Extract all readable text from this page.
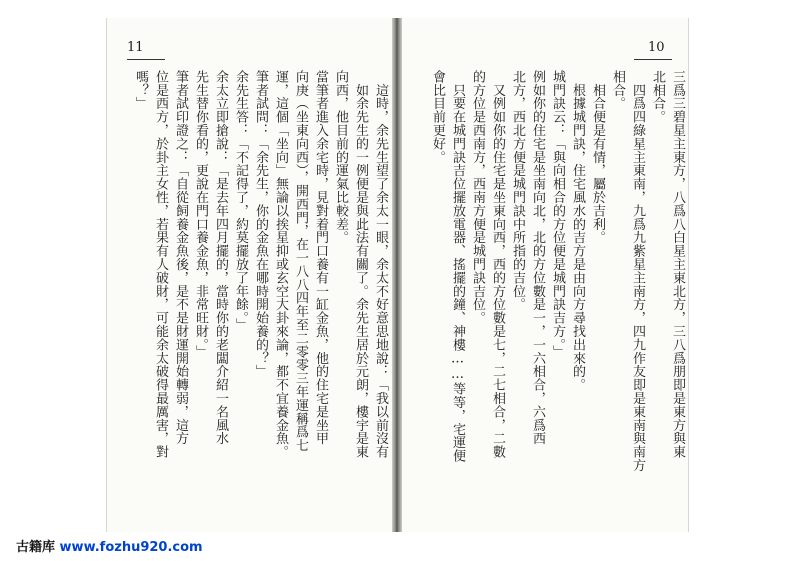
11
嗎？」 位是西方，於卦主女性，若果有人破財，可能余太破得最厲害，對 筆者試印證之：「自從飼養金魚後，是不是財運開始轉弱，這方 先生替你看的，更說在門口養金魚，非常旺財。」 余太立即搶說：「是去年四月擺的，當時你的老闆介紹一名風水 余先生答：「不記得了，約莫擺放了年餘。」 筆者試問：「余先生，你的金魚在哪時開始養的？」 運，這個「坐向」無論以挨星抑或玄空大卦來論，都不宜養金魚。 向庚（坐東向西），開西門，在一八八四年至二零零三年運稱爲七 當筆者進入余宅時，見對着門口養有一缸金魚，他的住宅是坐甲 向西，他目前的運氣比較差。 　如余先生的一例便是與此法有關了。余先生居於元朗，樓宇是東 　這時，余先生望了余太一眼，余太不好意思地說：「我以前沒有
10
會比目前更好。 　只要在城門訣吉位擺放電器、搖擺的鐘、神樓……等等，宅運便 的方位是西南方，西南方便是城門訣吉位。 　又例如你的住宅是坐東向西，西的方位數是七，二七相合，二數 北方，西北方便是城門訣中所指的吉位。 例如你的住宅是坐南向北，北的方位數是一，一六相合，六爲西 城門訣云：「與向相合的方位便是城門訣吉方。」 　根據城門訣，住宅風水的吉方是由向方尋找出來的。 　相合便是有情，屬於吉利。 相合。 　四爲四綠星主東南，九爲九紫星主南方，四九作友即是東南與南方 北相合。 三爲三碧星主東方，八爲八白星主東北方，三八爲朋即是東方與東
古籍库 www.fozhu920.com
